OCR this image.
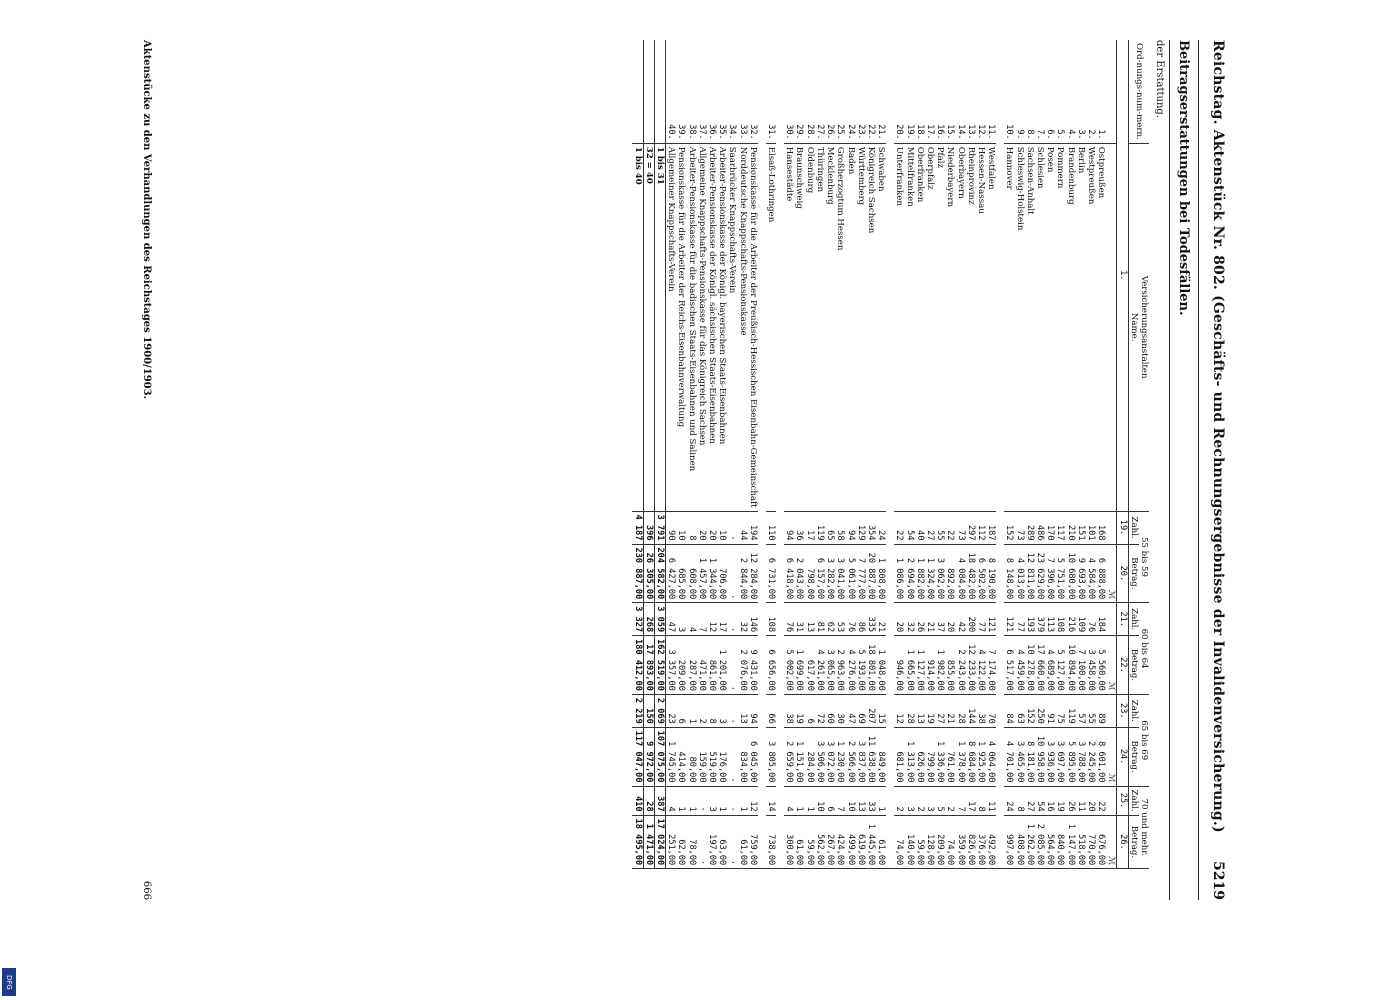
Reichstag. Aktenstück Nr. 802. (Geschäfts- und Rechnungsergebnisse der Invalidenversicherung.)
5219
Beitragserstattungen bei Todesfällen.
der Erstattung.
Ord-nungs-num-mern.	Versicherungsanstalten
Name.	55 bis 59		60 bis 64		65 bis 69		70 und mehr.	
		Zahl.	Betrag.	Zahl.	Betrag.	Zahl.	Betrag.	Zahl.	Betrag.
1.		19.	20.	21.	22.	23.	24.	25.	26.
			ℳ		ℳ		ℳ		ℳ
1.	Ostpreußen	168	6 888,00	184	5 560,00	89	8 601,00	22	676,00
2.	Westpreußen	101	4 584,00	76	3 458,00	55	2 245,00	20	770,00
3.	Berlin	151	9 693,00	109	7 100,00	57	3 788,00	11	518,00
4.	Brandenburg	210	10 680,00	216	10 894,00	119	5 895,00	26	1 147,00
5.	Pommern	117	5 751,00	108	5 127,00	75	3 697,00	19	840,00
6.	Posen	170	7 396,00	113	4 689,00	91	3 936,00	16	564,00
7.	Schlesien	486	23 629,00	379	17 660,00	250	10 958,00	54	2 085,00
8.	Sachsen-Anhalt	289	12 811,00	193	10 278,00	152	8 181,00	27	1 262,00
9.	Schleswig-Holstein	73	4 013,00	77	4 459,00	63	3 465,00	8	408,00
10.	Hannover	152	8 148,00	121	6 517,00	84	4 701,00	24	997,00

11.	Westfalen	187	8 190,00	121	7 174,00	70	4 064,00	11	492,00
12.	Hessen-Nassau	112	6 502,00	77	4 122,00	38	1 925,00	8	376,00
13.	Rheinprovinz	297	18 482,00	200	12 233,00	144	8 684,00	17	826,00
14.	Oberbayern	73	4 084,00	42	2 243,00	28	1 378,00	7	359,00
15.	Niederbayern	22	892,00	20	855,00	21	761,00	2	74,00
16.	Pfalz	55	3 062,00	37	1 982,00	27	1 336,00	5	209,00
17.	Oberpfalz	27	1 324,00	21	914,00	19	799,00	3	128,00
18.	Oberfranken	40	1 882,00	26	1 127,00	13	626,00	2	59,00
19.	Mittelfranken	54	2 694,00	32	1 665,00	28	1 313,00	3	140,00
20.	Unterfranken	22	1 086,00	20	946,00	12	681,00	2	74,00

21.	Schwaben	24	1 808,00	21	1 048,00	15	849,00	1	61,00
22.	Königreich Sachsen	354	20 887,00	335	18 801,00	207	11 638,00	33	1 445,00
23.	Württemberg	129	7 777,00	86	5 193,00	69	3 837,00	13	619,00
24.	Baden	94	5 061,00	76	4 276,00	47	2 566,00	10	499,00
25.	Großherzogtum Hessen	58	3 041,00	53	2 963,00	30	1 230,00	7	424,00
26.	Mecklenburg	65	3 282,00	62	3 065,00	60	3 072,00	6	267,00
27.	Thüringen	119	6 157,00	81	4 261,00	72	3 506,00	10	562,00
28.	Oldenburg	17	798,00	13	617,00	6	284,00	1	59,00
29.	Braunschweig	36	2 043,00	31	1 699,00	19	1 151,00	1	61,00
30.	Hansestädte	94	6 418,00	76	5 002,00	38	2 659,00	4	300,00

31.	Elsaß-Lothringen	110	6 731,00	108	6 656,00	66	3 805,00	14	738,00

32.	Pensionskasse für die Arbeiter der Preußisch-Hessischen Eisenbahn-Gemeinschaft	194	12 284,00	146	9 431,00	94	6 045,00	12	759,00
33.	Norddeutsche Knappschafts-Pensionskasse	44	2 844,00	32	2 076,00	13	834,00	1	61,00
34.	Saarbrücker Knappschafts-Verein	·	·	·	·	·	·	·	·
35.	Arbeiter-Pensionskasse der Königl. bayerischen Staats-Eisenbahnen	10	706,00	17	1 201,00	3	176,00	1	63,00
36.	Arbeiter-Pensionskasse der Königl. sächsischen Staats-Eisenbahnen	20	1 344,00	12	861,00	8	519,00	3	197,00
37.	Allgemeine Knappschafts-Pensionskasse für das Königreich Sachsen	20	1 457,00	7	471,00	2	159,00	·	·
38.	Arbeiter-Pensionskasse für die badischen Staats-Eisenbahnen und Salinen	8	608,00	4	287,00	1	80,00	1	78,00
39.	Pensionskasse für die Arbeiter der Reichs-Eisenbahnverwaltung	10	685,00	3	209,00	6	414,00	1	62,00
40.	Allgemeiner Knappschafts-Verein	90	6 427,00	47	3 357,00	23	1 745,00	4	251,00
	1 bis 31	3 791	204 582,00	3 059	162 519,00	2 069	107 075,00	387	17 024,00
	32 = 40	396	26 305,00	268	17 893,00	150	9 972,00	28	1 471,00
	1 bis 40	4 187	230 887,00	3 327	180 412,00	2 219	117 047,00	410	18 495,00
Aktenstücke zu den Verhandlungen des Reichstages 1900/1903.
666
DFG
